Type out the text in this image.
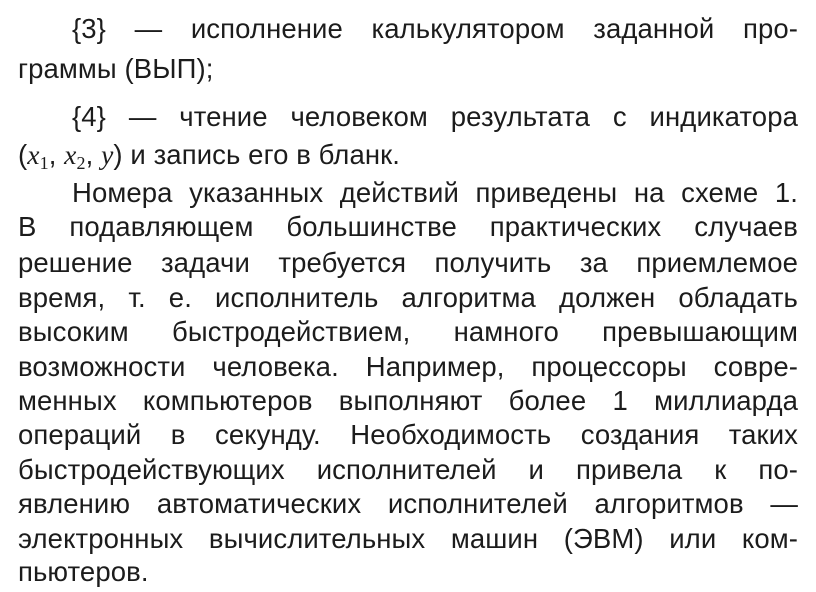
{3} — исполнение калькулятором заданной про-
граммы (ВЫП);
{4} — чтение человеком результата с индикатора
($x_1$, $x_2$, y) и запись его в бланк.
Номера указанных действий приведены на схеме 1.
В подавляющем большинстве практических случаев
решение задачи требуется получить за приемлемое
время, т. е. исполнитель алгоритма должен обладать
высоким быстродействием, намного превышающим
возможности человека. Например, процессоры совре-
менных компьютеров выполняют более 1 миллиарда
операций в секунду. Необходимость создания таких
быстродействующих исполнителей и привела к по-
явлению автоматических исполнителей алгоритмов —
электронных вычислительных машин (ЭВМ) или ком-
пьютеров.
